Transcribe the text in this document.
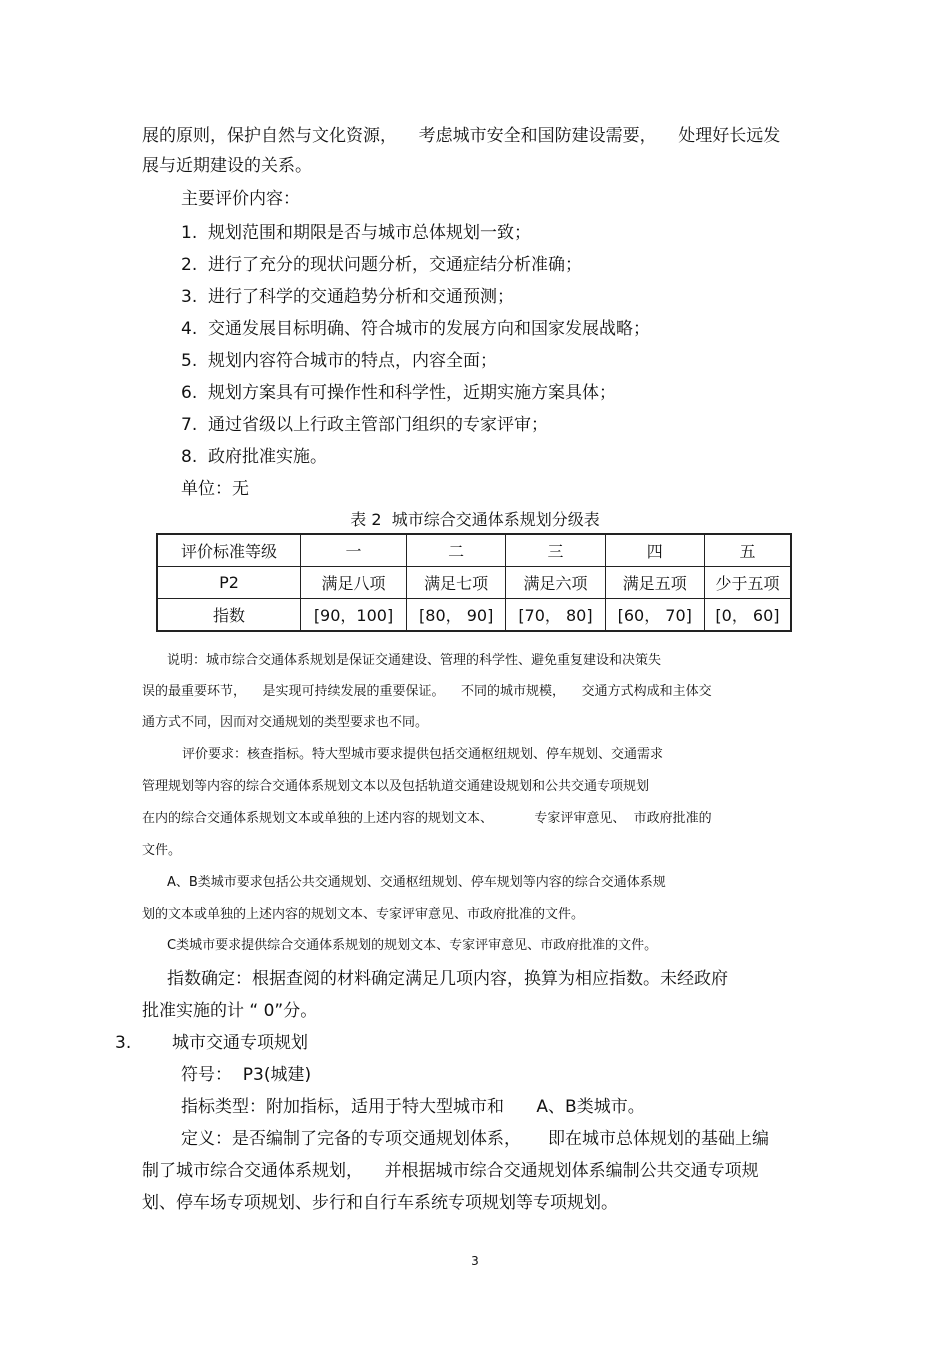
展的原则，保护自然与文化资源，    考虑城市安全和国防建设需要，    处理好长远发
展与近期建设的关系。
主要评价内容：
1.  规划范围和期限是否与城市总体规划一致；
2.  进行了充分的现状问题分析，交通症结分析准确；
3.  进行了科学的交通趋势分析和交通预测；
4.  交通发展目标明确、符合城市的发展方向和国家发展战略；
5.  规划内容符合城市的特点，内容全面；
6.  规划方案具有可操作性和科学性，近期实施方案具体；
7.  通过省级以上行政主管部门组织的专家评审；
8.  政府批准实施。
单位：无
表 2  城市综合交通体系规划分级表
评价标准等级	一	二	三	四	五
P2	满足八项	满足七项	满足六项	满足五项	少于五项
指数	[90，100]	[80， 90]	[70， 80]	[60， 70]	[0， 60]
说明：城市综合交通体系规划是保证交通建设、管理的科学性、避免重复建设和决策失
误的最重要环节，    是实现可持续发展的重要保证。    不同的城市规模，    交通方式构成和主体交
通方式不同，因而对交通规划的类型要求也不同。
评价要求：核查指标。特大型城市要求提供包括交通枢纽规划、停车规划、交通需求
管理规划等内容的综合交通体系规划文本以及包括轨道交通建设规划和公共交通专项规划
在内的综合交通体系规划文本或单独的上述内容的规划文本、          专家评审意见、  市政府批准的
文件。
A、B类城市要求包括公共交通规划、交通枢纽规划、停车规划等内容的综合交通体系规
划的文本或单独的上述内容的规划文本、专家评审意见、市政府批准的文件。
C类城市要求提供综合交通体系规划的规划文本、专家评审意见、市政府批准的文件。
指数确定：根据查阅的材料确定满足几项内容，换算为相应指数。未经政府
批准实施的计 “ 0”分。
3. 城市交通专项规划
符号：  P3(城建)
指标类型：附加指标，适用于特大型城市和      A、B类城市。
定义：是否编制了完备的专项交通规划体系，     即在城市总体规划的基础上编
制了城市综合交通体系规划，    并根据城市综合交通规划体系编制公共交通专项规
划、停车场专项规划、步行和自行车系统专项规划等专项规划。
3
